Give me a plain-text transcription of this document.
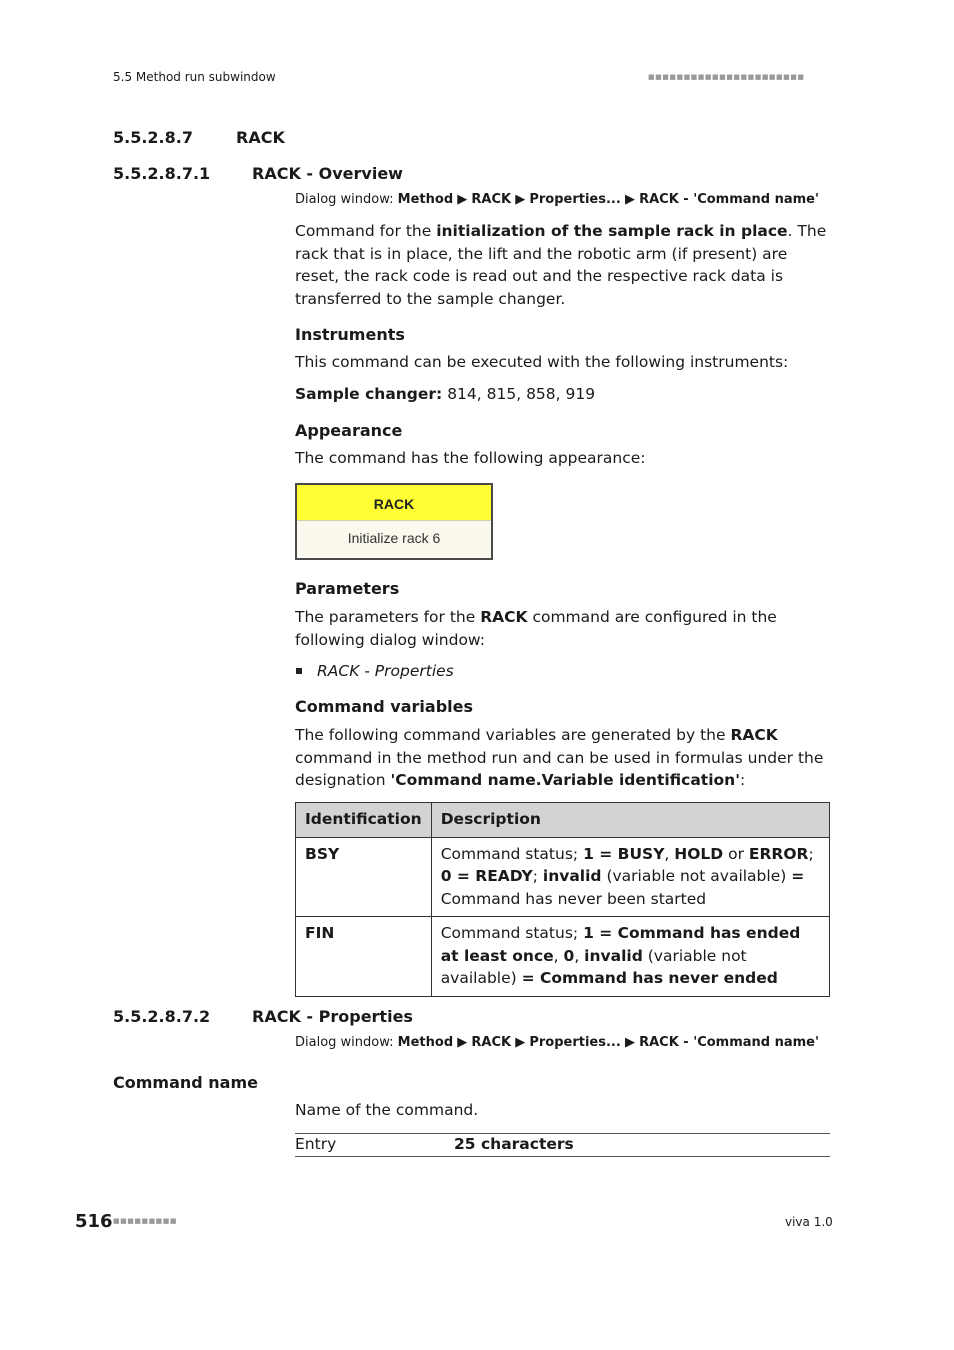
5.5 Method run subwindow	■■■■■■■■■■■■■■■■■■■■■■
5.5.2.8.7	RACK
5.5.2.8.7.1	RACK - Overview
Dialog window: Method ▶ RACK ▶ Properties... ▶ RACK - 'Command name'
Command for the initialization of the sample rack in place. The rack that is in place, the lift and the robotic arm (if present) are reset, the rack code is read out and the respective rack data is transferred to the sample changer.
Instruments
This command can be executed with the following instruments:
Sample changer: 814, 815, 858, 919
Appearance
The command has the following appearance:
RACK
Initialize rack 6
Parameters
The parameters for the RACK command are configured in the following dialog window:
RACK - Properties
Command variables
The following command variables are generated by the RACK command in the method run and can be used in formulas under the designation 'Command name.Variable identification':
Identification	Description
BSY	Command status; 1 = BUSY, HOLD or ERROR; 0 = READY; invalid (variable not available) = Command has never been started
FIN	Command status; 1 = Command has ended at least once, 0, invalid (variable not available) = Command has never ended
5.5.2.8.7.2	RACK - Properties
Dialog window: Method ▶ RACK ▶ Properties... ▶ RACK - 'Command name'
Command name
Name of the command.
Entry	25 characters
516 ■■■■■■■■■	viva 1.0
